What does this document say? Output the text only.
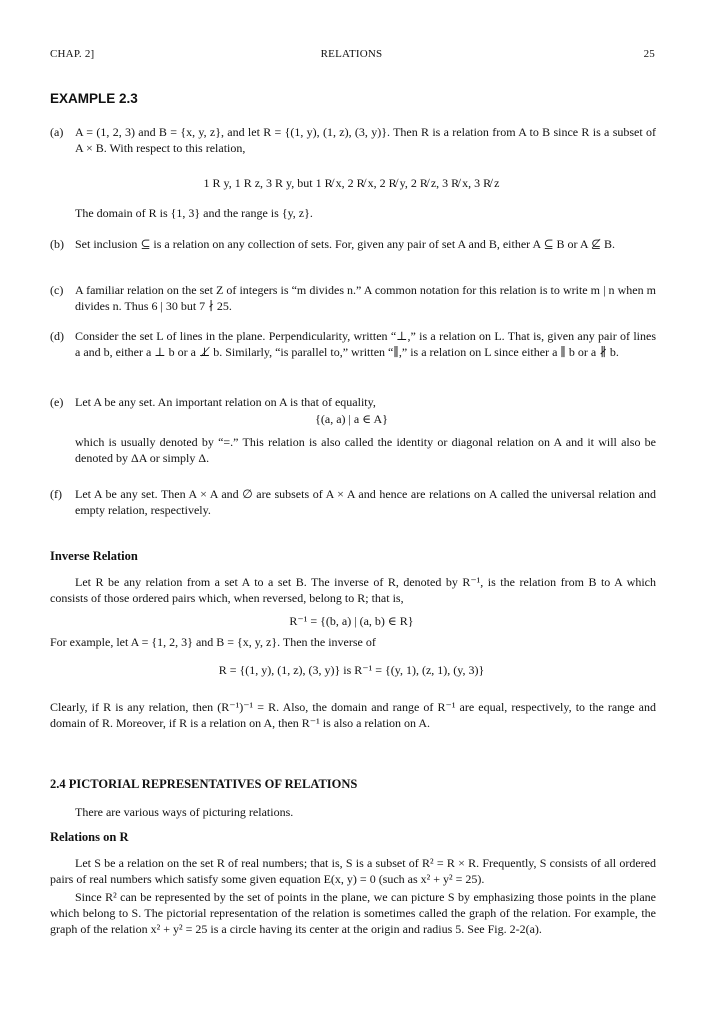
CHAP. 2]	RELATIONS	25
EXAMPLE 2.3
(a) A = (1, 2, 3) and B = {x, y, z}, and let R = {(1, y), (1, z), (3, y)}. Then R is a relation from A to B since R is a subset of A × B. With respect to this relation,
1 R y, 1 R z, 3 R y, but 1 R̸ x, 2 R̸ x, 2 R̸ y, 2 R̸ z, 3 R̸ x, 3 R̸ z
The domain of R is {1, 3} and the range is {y, z}.
(b) Set inclusion ⊆ is a relation on any collection of sets. For, given any pair of set A and B, either A ⊆ B or A ⊈ B.
(c) A familiar relation on the set Z of integers is “m divides n.” A common notation for this relation is to write m | n when m divides n. Thus 6 | 30 but 7 ∤ 25.
(d) Consider the set L of lines in the plane. Perpendicularity, written “⊥,” is a relation on L. That is, given any pair of lines a and b, either a ⊥ b or a ⊥̸ b. Similarly, “is parallel to,” written “∥,” is a relation on L since either a ∥ b or a ∦ b.
(e) Let A be any set. An important relation on A is that of equality,
{(a, a) | a ∈ A}
which is usually denoted by “=.” This relation is also called the identity or diagonal relation on A and it will also be denoted by ΔA or simply Δ.
(f) Let A be any set. Then A × A and ∅ are subsets of A × A and hence are relations on A called the universal relation and empty relation, respectively.
Inverse Relation
Let R be any relation from a set A to a set B. The inverse of R, denoted by R⁻¹, is the relation from B to A which consists of those ordered pairs which, when reversed, belong to R; that is,
R⁻¹ = {(b, a) | (a, b) ∈ R}
For example, let A = {1, 2, 3} and B = {x, y, z}. Then the inverse of
R = {(1, y), (1, z), (3, y)} is R⁻¹ = {(y, 1), (z, 1), (y, 3)}
Clearly, if R is any relation, then (R⁻¹)⁻¹ = R. Also, the domain and range of R⁻¹ are equal, respectively, to the range and domain of R. Moreover, if R is a relation on A, then R⁻¹ is also a relation on A.
2.4 PICTORIAL REPRESENTATIVES OF RELATIONS
There are various ways of picturing relations.
Relations on R
Let S be a relation on the set R of real numbers; that is, S is a subset of R² = R × R. Frequently, S consists of all ordered pairs of real numbers which satisfy some given equation E(x, y) = 0 (such as x² + y² = 25).
Since R² can be represented by the set of points in the plane, we can picture S by emphasizing those points in the plane which belong to S. The pictorial representation of the relation is sometimes called the graph of the relation. For example, the graph of the relation x² + y² = 25 is a circle having its center at the origin and radius 5. See Fig. 2-2(a).
